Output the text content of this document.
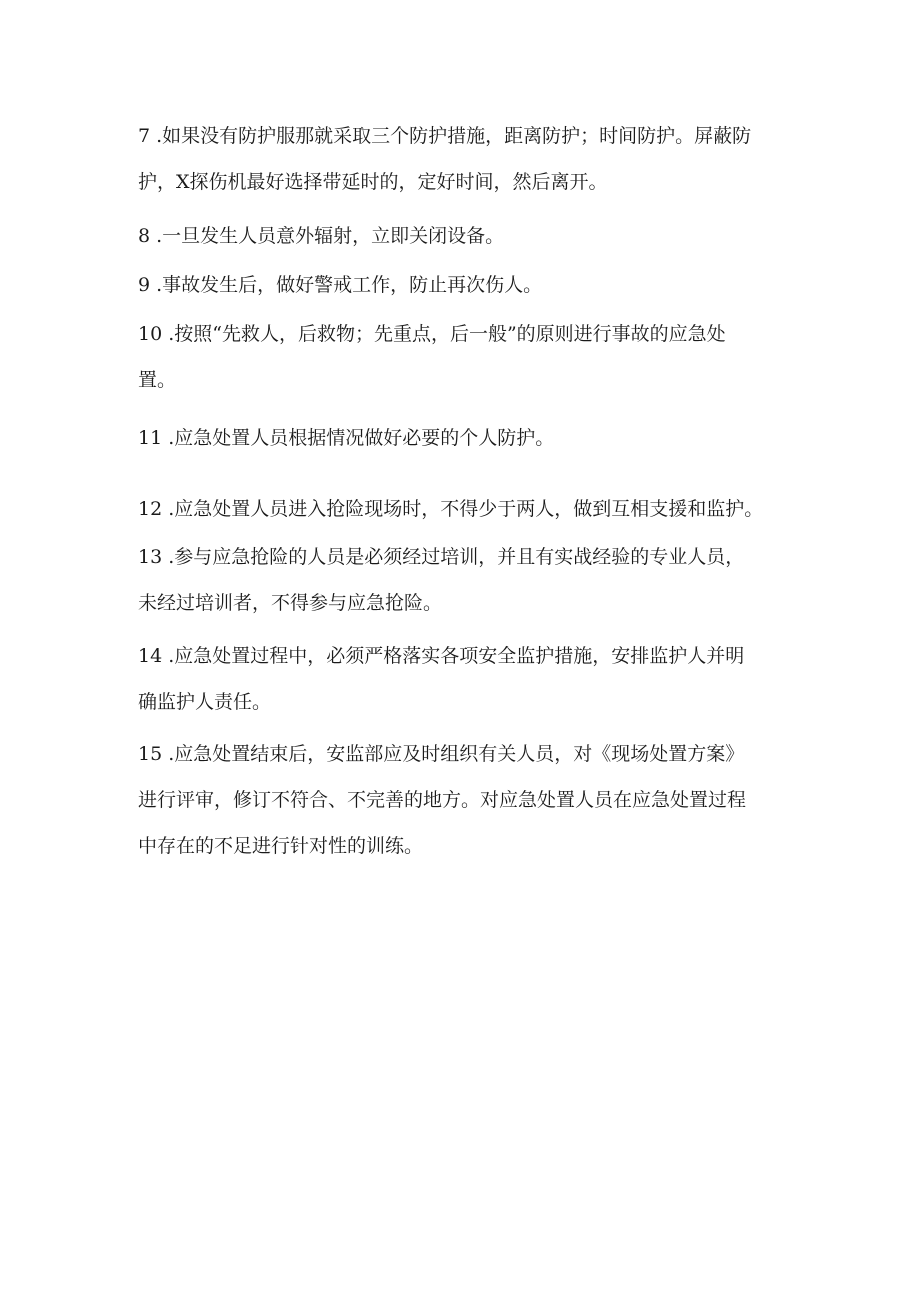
7 .如果没有防护服那就采取三个防护措施，距离防护；时间防护。屏蔽防
护，X探伤机最好选择带延时的，定好时间，然后离开。

8 .一旦发生人员意外辐射，立即关闭设备。

9 .事故发生后，做好警戒工作，防止再次伤人。

10 .按照“先救人，后救物；先重点，后一般”的原则进行事故的应急处
置。

11 .应急处置人员根据情况做好必要的个人防护。

12 .应急处置人员进入抢险现场时，不得少于两人，做到互相支援和监护。

13 .参与应急抢险的人员是必须经过培训，并且有实战经验的专业人员，
未经过培训者，不得参与应急抢险。

14 .应急处置过程中，必须严格落实各项安全监护措施，安排监护人并明
确监护人责任。

15 .应急处置结束后，安监部应及时组织有关人员，对《现场处置方案》
进行评审，修订不符合、不完善的地方。对应急处置人员在应急处置过程
中存在的不足进行针对性的训练。
